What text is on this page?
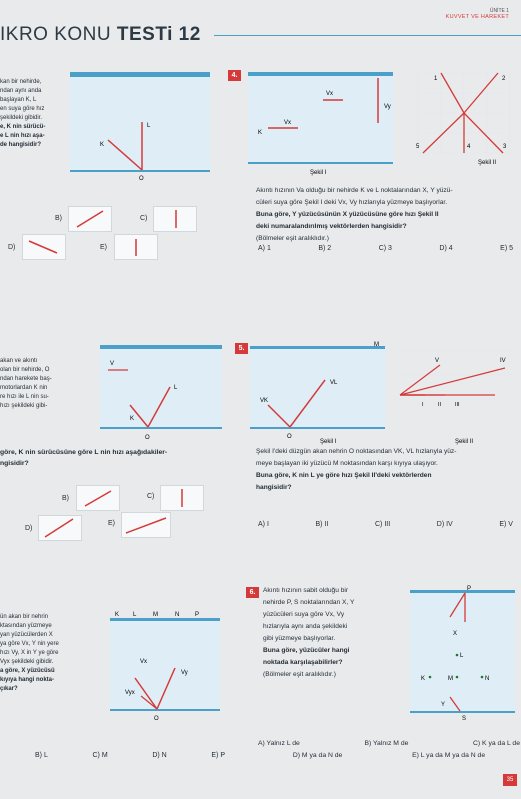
IKRO KONU TESTi 12
ÜNİTE 1
KUVVET VE HAREKET
kan bir nehirde,
ndan aynı anda
başlayan K, L
en suya göre hız
şekildeki gibidir.
e, K nin sürücü-
e L nin hızı aşa-
de hangisidir?
L
K
O
B)	C)
D)	E)
4.
K
Vx
Vx
Vy
Şekil I
1	2
3
4
5
Şekil II
Akıntı hızının Va olduğu bir nehirde K ve L noktalarından X, Y yüzü-
cüleri suya göre Şekil I deki Vx, Vy hızlarıyla yüzmeye başlıyorlar.
Buna göre, Y yüzücüsünün X yüzücüsüne göre hızı Şekil II
deki numaralandırılmış vektörlerden hangisidir?
(Bölmeler eşit aralıklıdır.)
A) 1	B) 2	C) 3	D) 4	E) 5
akan ve akıntı
olan bir nehirde, O
ndan harekete baş-
motorlardan K nin
re hızı ile L nin su-
hızı şekildeki gibi-
V
L
K
O
göre, K nin sürücüsüne göre L nin hızı aşağıdakiler-
ngisidir?
B)	C)
D)
E)
5.	M
VL
VK
O
Şekil I
V	IV
I	II	III
Şekil II
Şekil I'deki düzgün akan nehrin O noktasından VK, VL hızlarıyla yüz-
meye başlayan iki yüzücü M noktasından karşı kıyıya ulaşıyor.
Buna göre, K nin L ye göre hızı Şekil II'deki vektörlerden
hangisidir?
A) I	B) II	C) III	D) IV	E) V
ün akan bir nehrin
ktasından yüzmeye
yan yüzücülerden X
ya göre Vx, Y nin yere
hızı Vy, X in Y ye göre
Vyx şekildeki gibidir.
a göre, X yüzücüsü
kıyıya hangi nokta-
çıkar?
K L	M	N	P
Vx
Vy
Vyx
O
B) L	C) M	D) N	E) P
6.	Akıntı hızının sabit olduğu bir
nehirde P, S noktalarından X, Y
yüzücüleri suya göre Vx, Vy
hızlarıyla aynı anda şekildeki
gibi yüzmeye başlıyorlar.
Buna göre, yüzücüler hangi
noktada karşılaşabilirler?
(Bölmeler eşit aralıklıdır.)
P
X
L
K	M	N
Y
S
A) Yalnız L de	B) Yalnız M de	C) K ya da L de
D) M ya da N de	E) L ya da M ya da N de
35
